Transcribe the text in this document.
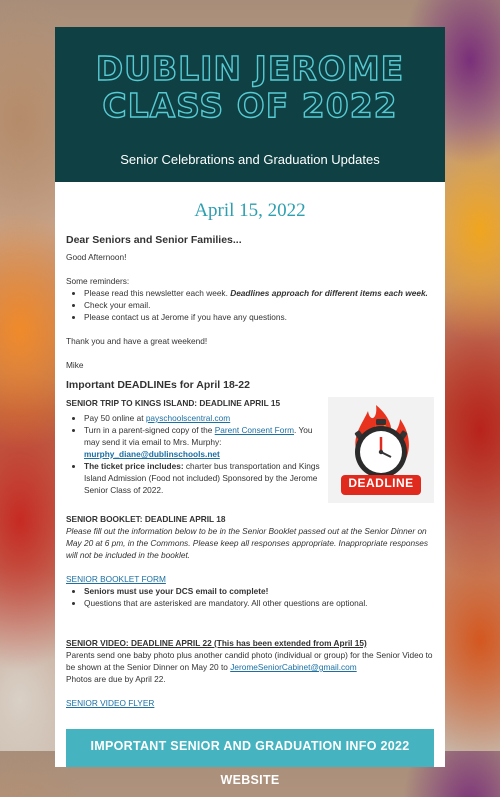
DUBLIN JEROME
CLASS OF 2022
Senior Celebrations and Graduation Updates
April 15, 2022
Dear Seniors and Senior Families...

Good Afternoon!

Some reminders:

• Please read this newsletter each week. Deadlines approach for different items each week.
• Check your email.
• Please contact us at Jerome if you have any questions.

Thank you and have a great weekend!

Mike

Important DEADLINEs for April 18-22
DEADLINE
SENIOR TRIP TO KINGS ISLAND: DEADLINE APRIL 15
• Pay 50 online at payschoolscentral.com
• Turn in a parent-signed copy of the Parent Consent Form. You may send it via email to Mrs. Murphy: murphy_diane@dublinschools.net
• The ticket price includes: charter bus transportation and Kings Island Admission (Food not included) Sponsored by the Jerome Senior Class of 2022.
SENIOR BOOKLET: DEADLINE APRIL 18

Please fill out the information below to be in the Senior Booklet passed out at the Senior Dinner on May 20 at 6 pm, in the Commons. Please keep all responses appropriate. Inappropriate responses will not be included in the booklet.

SENIOR BOOKLET FORM

• Seniors must use your DCS email to complete!
• Questions that are asterisked are mandatory. All other questions are optional.
SENIOR VIDEO: DEADLINE APRIL 22 (This has been extended from April 15)

Parents send one baby photo plus another candid photo (individual or group) for the Senior Video to be shown at the Senior Dinner on May 20 to JeromeSeniorCabinet@gmail.com

Photos are due by April 22.

SENIOR VIDEO FLYER

IMPORTANT SENIOR AND GRADUATION INFO 2022 WEBSITE
